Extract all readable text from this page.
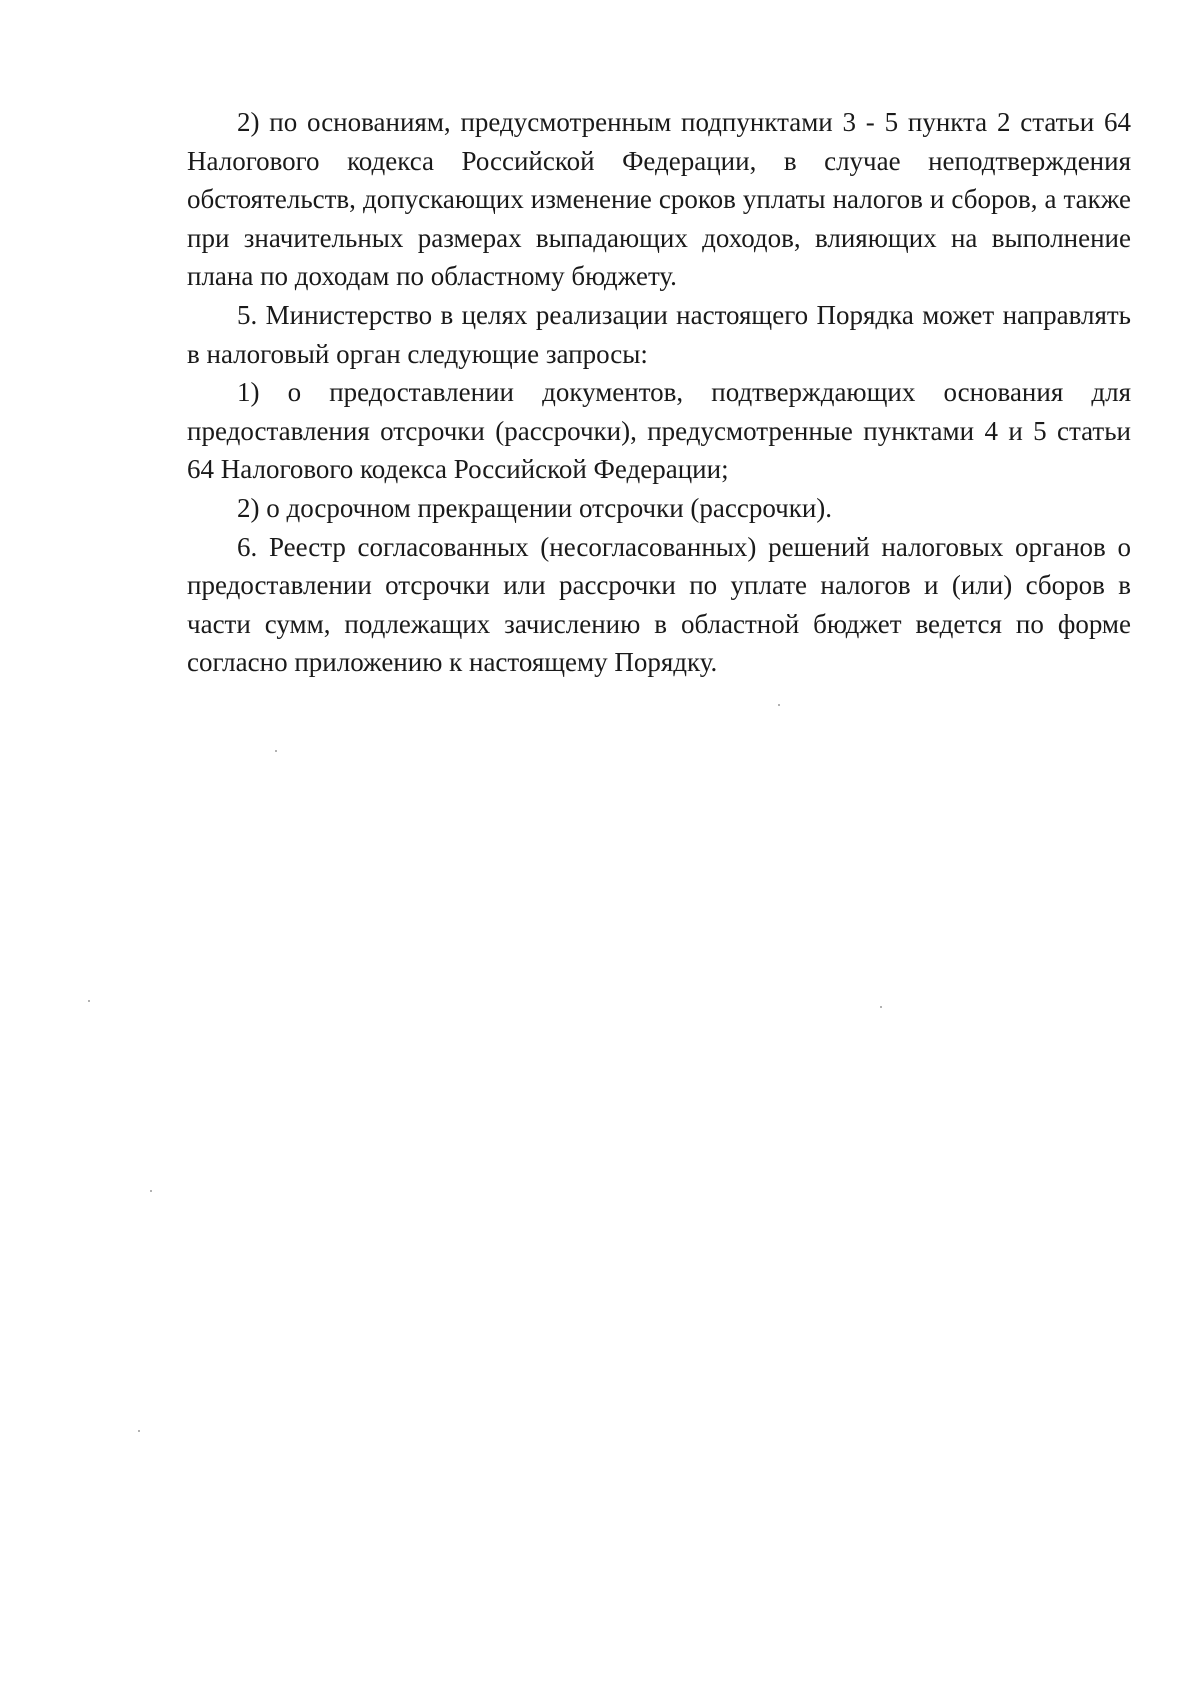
2) по основаниям, предусмотренным подпунктами 3 - 5 пункта 2 статьи 64 Налогового кодекса Российской Федерации, в случае неподтверждения обстоятельств, допускающих изменение сроков уплаты налогов и сборов, а также при значительных размерах выпадающих доходов, влияющих на выполнение плана по доходам по областному бюджету.

5. Министерство в целях реализации настоящего Порядка может направлять в налоговый орган следующие запросы:

1) о предоставлении документов, подтверждающих основания для предоставления отсрочки (рассрочки), предусмотренные пунктами 4 и 5 статьи 64 Налогового кодекса Российской Федерации;

2) о досрочном прекращении отсрочки (рассрочки).

6. Реестр согласованных (несогласованных) решений налоговых органов о предоставлении отсрочки или рассрочки по уплате налогов и (или) сборов в части сумм, подлежащих зачислению в областной бюджет ведется по форме согласно приложению к настоящему Порядку.
